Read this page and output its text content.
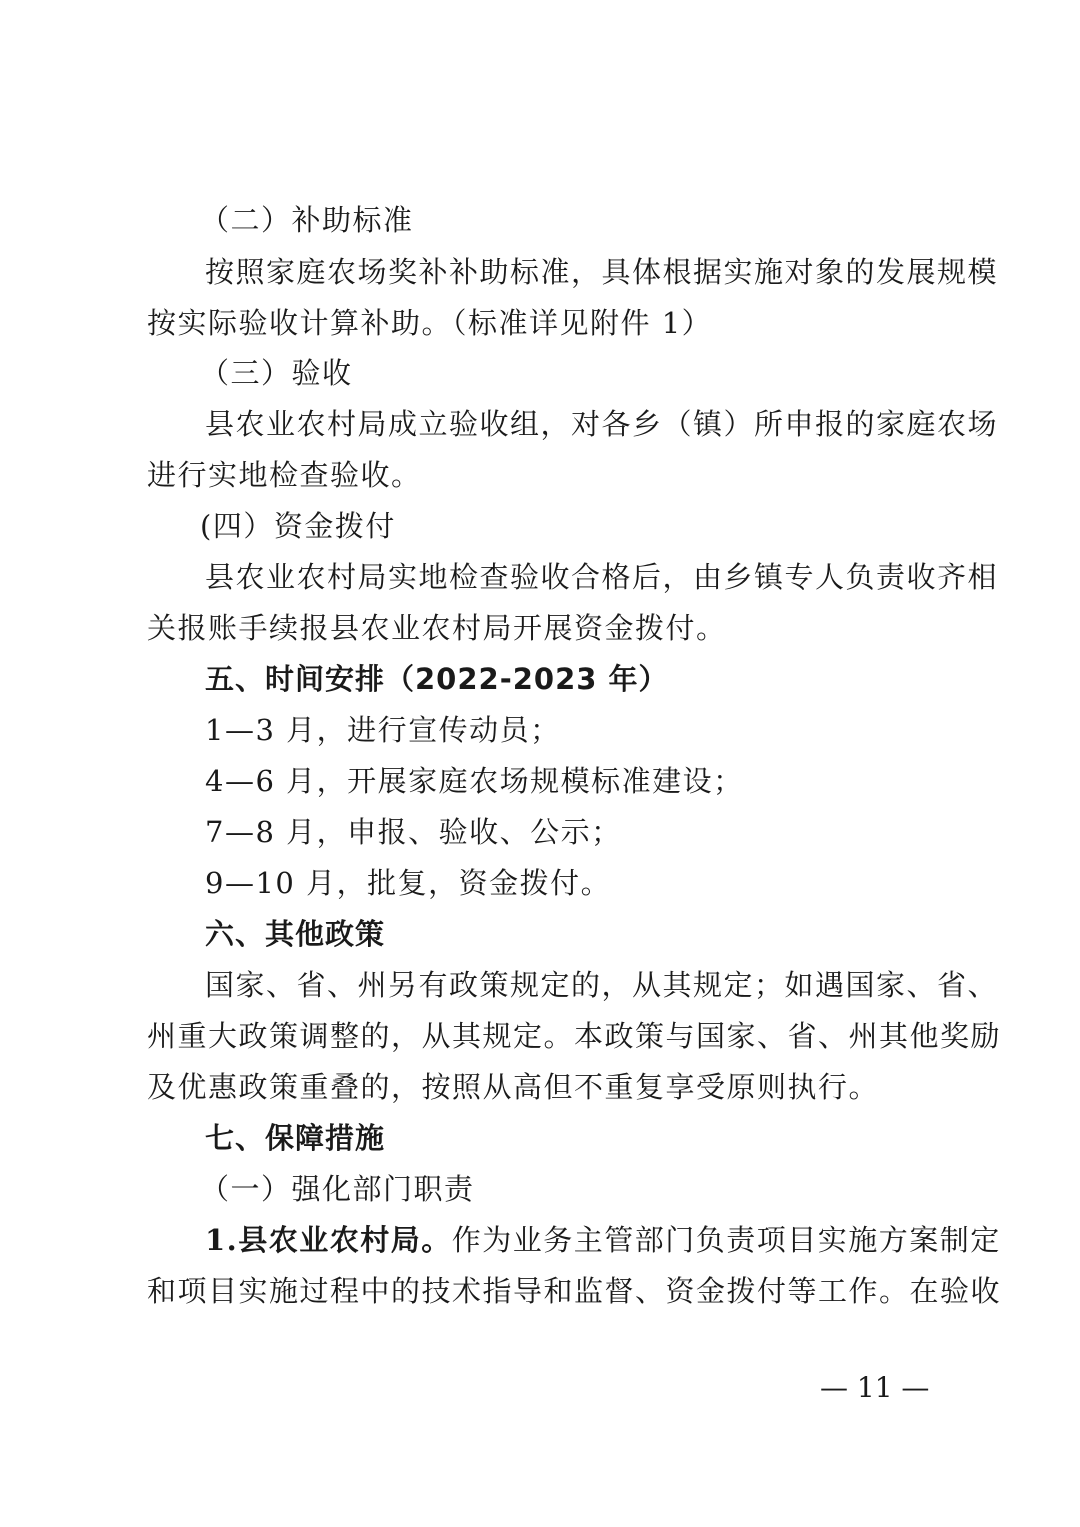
（二）补助标准
按照家庭农场奖补补助标准，具体根据实施对象的发展规模
按实际验收计算补助。（标准详见附件 1）
（三）验收
县农业农村局成立验收组，对各乡（镇）所申报的家庭农场
进行实地检查验收。
(四）资金拨付
县农业农村局实地检查验收合格后，由乡镇专人负责收齐相
关报账手续报县农业农村局开展资金拨付。
五、时间安排（2022-2023 年）
1—3 月，进行宣传动员；
4—6 月，开展家庭农场规模标准建设；
7—8 月，申报、验收、公示；
9—10 月，批复，资金拨付。
六、其他政策
国家、省、州另有政策规定的，从其规定；如遇国家、省、
州重大政策调整的，从其规定。本政策与国家、省、州其他奖励
及优惠政策重叠的，按照从高但不重复享受原则执行。
七、保障措施
（一）强化部门职责
1.县农业农村局。作为业务主管部门负责项目实施方案制定
和项目实施过程中的技术指导和监督、资金拨付等工作。在验收
— 11 —
